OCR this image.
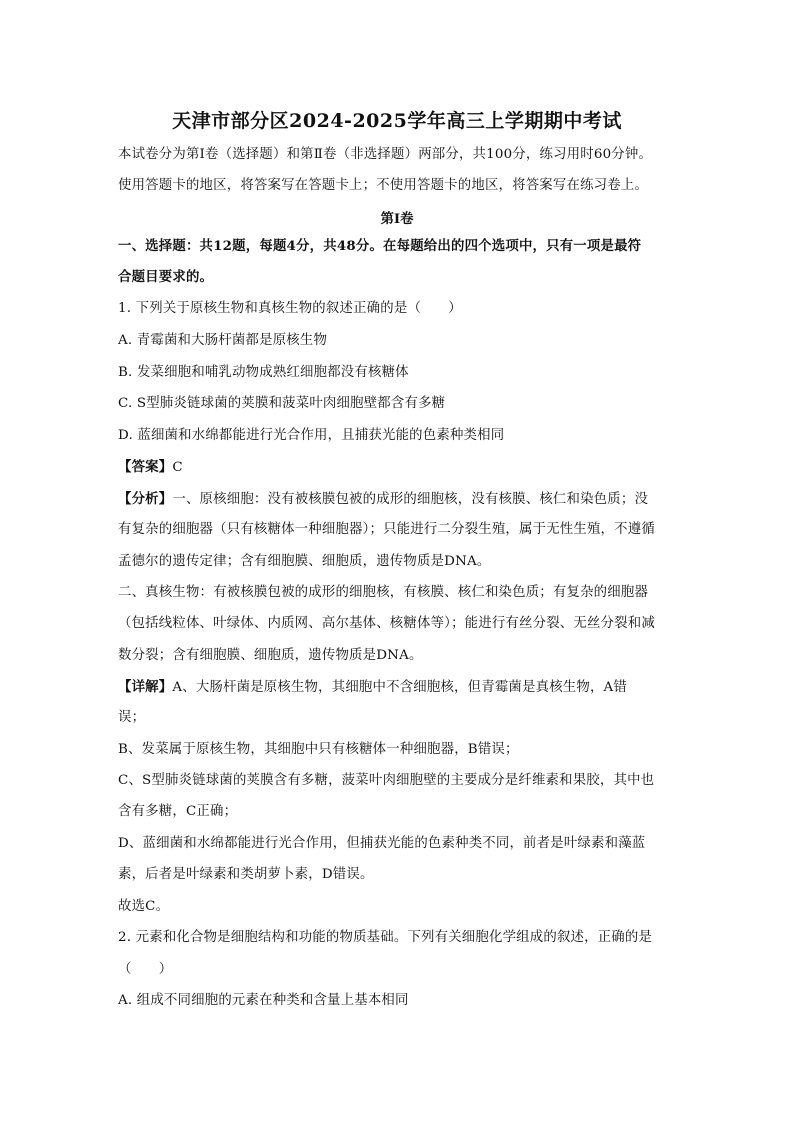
天津市部分区2024-2025学年高三上学期期中考试
本试卷分为第Ⅰ卷（选择题）和第Ⅱ卷（非选择题）两部分，共100分，练习用时60分钟。
使用答题卡的地区，将答案写在答题卡上；不使用答题卡的地区，将答案写在练习卷上。
第Ⅰ卷
一、选择题：共12题，每题4分，共48分。在每题给出的四个选项中，只有一项是最符
合题目要求的。
1. 下列关于原核生物和真核生物的叙述正确的是（　　）
A. 青霉菌和大肠杆菌都是原核生物
B. 发菜细胞和哺乳动物成熟红细胞都没有核糖体
C. S型肺炎链球菌的荚膜和菠菜叶肉细胞壁都含有多糖
D. 蓝细菌和水绵都能进行光合作用，且捕获光能的色素种类相同
【答案】C
【分析】一、原核细胞：没有被核膜包被的成形的细胞核，没有核膜、核仁和染色质；没
有复杂的细胞器（只有核糖体一种细胞器）；只能进行二分裂生殖，属于无性生殖，不遵循
孟德尔的遗传定律；含有细胞膜、细胞质，遗传物质是DNA。
二、真核生物：有被核膜包被的成形的细胞核，有核膜、核仁和染色质；有复杂的细胞器
（包括线粒体、叶绿体、内质网、高尔基体、核糖体等）；能进行有丝分裂、无丝分裂和减
数分裂；含有细胞膜、细胞质，遗传物质是DNA。
【详解】A、大肠杆菌是原核生物，其细胞中不含细胞核，但青霉菌是真核生物，A错
误；
B、发菜属于原核生物，其细胞中只有核糖体一种细胞器，B错误；
C、S型肺炎链球菌的荚膜含有多糖，菠菜叶肉细胞壁的主要成分是纤维素和果胶，其中也
含有多糖，C正确；
D、蓝细菌和水绵都能进行光合作用，但捕获光能的色素种类不同，前者是叶绿素和藻蓝
素，后者是叶绿素和类胡萝卜素，D错误。
故选C。
2. 元素和化合物是细胞结构和功能的物质基础。下列有关细胞化学组成的叙述，正确的是
（　　）
A. 组成不同细胞的元素在种类和含量上基本相同
